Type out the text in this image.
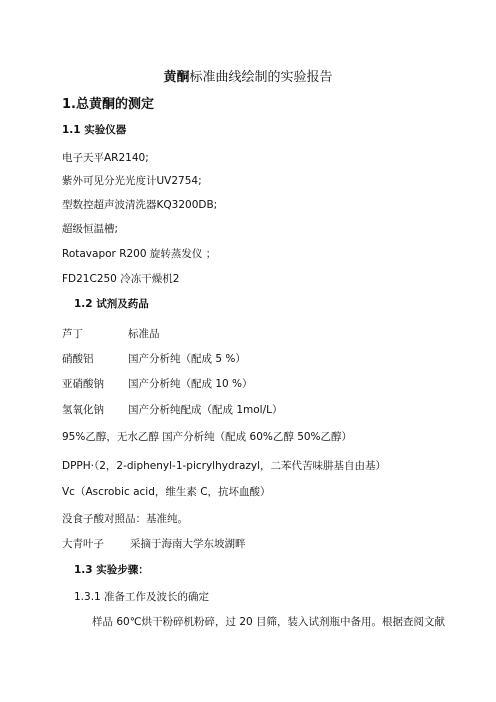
黄酮标准曲线绘制的实验报告
1.总黄酮的测定
1.1 实验仪器
电子天平AR2140;
紫外可见分光光度计UV2754;
型数控超声波清洗器KQ3200DB;
超级恒温槽;
Rotavapor R200 旋转蒸发仪 ；
FD21C250 冷冻干燥机2
1.2 试剂及药品
芦丁	标准品
硝酸铝	国产分析纯（配成 5 %）
亚硝酸钠 国产分析纯（配成 10 %）
氢氧化钠 国产分析纯配成（配成 1mol/L）
95%乙醇，无水乙醇 国产分析纯（配成 60%乙醇 50%乙醇）
DPPH·（2，2-diphenyl-1-picrylhydrazyl，二苯代苦味肼基自由基）
Vc（Ascrobic acid，维生素 C，抗坏血酸）
没食子酸对照品：基准纯。
大青叶子 采摘于海南大学东坡湖畔
1.3 实验步骤：
1.3.1 准备工作及波长的确定
样品 60℃烘干粉碎机粉碎，过 20 目筛，装入试剂瓶中备用。根据查阅文献
